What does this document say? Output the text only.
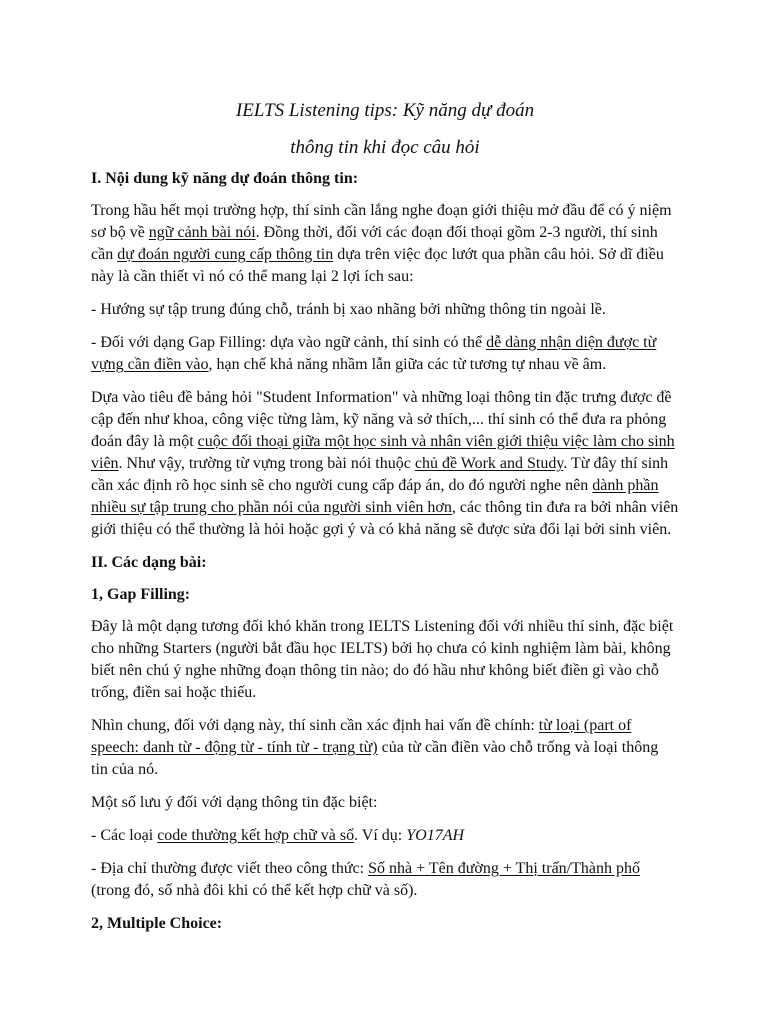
IELTS Listening tips: Kỹ năng dự đoán
thông tin khi đọc câu hỏi

I. Nội dung kỹ năng dự đoán thông tin:

Trong hầu hết mọi trường hợp, thí sinh cần lắng nghe đoạn giới thiệu mở đầu để có ý niệm sơ bộ về ngữ cảnh bài nói. Đồng thời, đối với các đoạn đối thoại gồm 2-3 người, thí sinh cần dự đoán người cung cấp thông tin dựa trên việc đọc lướt qua phần câu hỏi. Sở dĩ điều này là cần thiết vì nó có thể mang lại 2 lợi ích sau:

- Hướng sự tập trung đúng chỗ, tránh bị xao nhãng bởi những thông tin ngoài lề.

- Đối với dạng Gap Filling: dựa vào ngữ cảnh, thí sinh có thể dễ dàng nhận diện được từ vựng cần điền vào, hạn chế khả năng nhầm lẫn giữa các từ tương tự nhau về âm.

Dựa vào tiêu đề bảng hỏi "Student Information" và những loại thông tin đặc trưng được đề cập đến như khoa, công việc từng làm, kỹ năng và sở thích,... thí sinh có thể đưa ra phỏng đoán đây là một cuộc đối thoại giữa một học sinh và nhân viên giới thiệu việc làm cho sinh viên. Như vậy, trường từ vựng trong bài nói thuộc chủ đề Work and Study. Từ đây thí sinh cần xác định rõ học sinh sẽ cho người cung cấp đáp án, do đó người nghe nên dành phần nhiều sự tập trung cho phần nói của người sinh viên hơn, các thông tin đưa ra bởi nhân viên giới thiệu có thể thường là hỏi hoặc gợi ý và có khả năng sẽ được sửa đổi lại bởi sinh viên.

II. Các dạng bài:

1, Gap Filling:

Đây là một dạng tương đối khó khăn trong IELTS Listening đối với nhiều thí sinh, đặc biệt cho những Starters (người bắt đầu học IELTS) bởi họ chưa có kinh nghiệm làm bài, không biết nên chú ý nghe những đoạn thông tin nào; do đó hầu như không biết điền gì vào chỗ trống, điền sai hoặc thiếu.

Nhìn chung, đối với dạng này, thí sinh cần xác định hai vấn đề chính: từ loại (part of speech: danh từ - động từ - tính từ - trạng từ) của từ cần điền vào chỗ trống và loại thông tin của nó.

Một số lưu ý đối với dạng thông tin đặc biệt:

- Các loại code thường kết hợp chữ và số. Ví dụ: YO17AH

- Địa chỉ thường được viết theo công thức: Số nhà + Tên đường + Thị trấn/Thành phố (trong đó, số nhà đôi khi có thể kết hợp chữ và số).

2, Multiple Choice:
